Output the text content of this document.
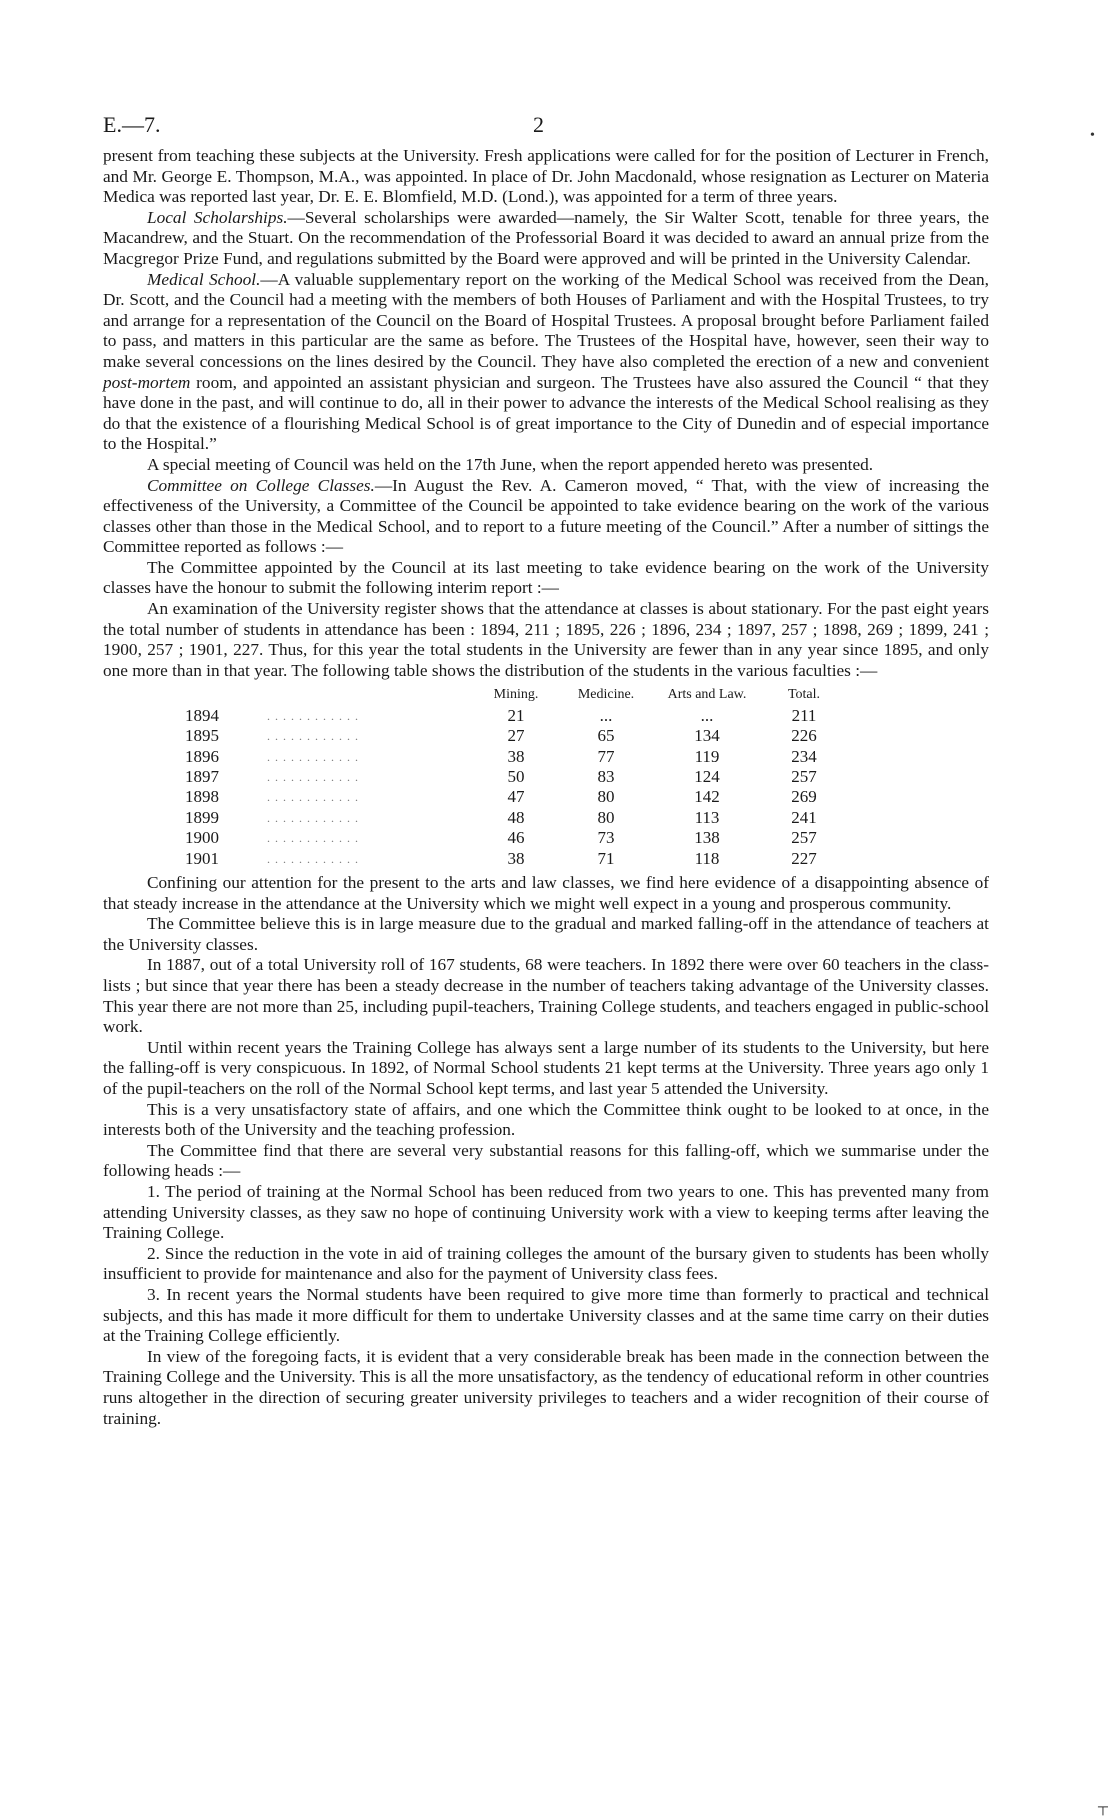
•
┬
E.—7.	2

present from teaching these subjects at the University. Fresh applications were called for for the position of Lecturer in French, and Mr. George E. Thompson, M.A., was appointed. In place of Dr. John Macdonald, whose resignation as Lecturer on Materia Medica was reported last year, Dr. E. E. Blomfield, M.D. (Lond.), was appointed for a term of three years.

Local Scholarships.—Several scholarships were awarded—namely, the Sir Walter Scott, tenable for three years, the Macandrew, and the Stuart. On the recommendation of the Professorial Board it was decided to award an annual prize from the Macgregor Prize Fund, and regulations submitted by the Board were approved and will be printed in the University Calendar.

Medical School.—A valuable supplementary report on the working of the Medical School was received from the Dean, Dr. Scott, and the Council had a meeting with the members of both Houses of Parliament and with the Hospital Trustees, to try and arrange for a representation of the Council on the Board of Hospital Trustees. A proposal brought before Parliament failed to pass, and matters in this particular are the same as before. The Trustees of the Hospital have, however, seen their way to make several concessions on the lines desired by the Council. They have also completed the erection of a new and convenient post-mortem room, and appointed an assistant physician and surgeon. The Trustees have also assured the Council “ that they have done in the past, and will continue to do, all in their power to advance the interests of the Medical School realising as they do that the existence of a flourishing Medical School is of great importance to the City of Dunedin and of especial importance to the Hospital.”

A special meeting of Council was held on the 17th June, when the report appended hereto was presented.

Committee on College Classes.—In August the Rev. A. Cameron moved, “ That, with the view of increasing the effectiveness of the University, a Committee of the Council be appointed to take evidence bearing on the work of the various classes other than those in the Medical School, and to report to a future meeting of the Council.” After a number of sittings the Committee reported as follows :—

The Committee appointed by the Council at its last meeting to take evidence bearing on the work of the University classes have the honour to submit the following interim report :—

An examination of the University register shows that the attendance at classes is about stationary. For the past eight years the total number of students in attendance has been : 1894, 211 ; 1895, 226 ; 1896, 234 ; 1897, 257 ; 1898, 269 ; 1899, 241 ; 1900, 257 ; 1901, 227. Thus, for this year the total students in the University are fewer than in any year since 1895, and only one more than in that year. The following table shows the distribution of the students in the various faculties :—

		Mining.	Medicine.	Arts and Law.	Total.
1894	. . . . . . . . . . . .	21	...	...	211
1895	. . . . . . . . . . . .	27	65	134	226
1896	. . . . . . . . . . . .	38	77	119	234
1897	. . . . . . . . . . . .	50	83	124	257
1898	. . . . . . . . . . . .	47	80	142	269
1899	. . . . . . . . . . . .	48	80	113	241
1900	. . . . . . . . . . . .	46	73	138	257
1901	. . . . . . . . . . . .	38	71	118	227

Confining our attention for the present to the arts and law classes, we find here evidence of a disappointing absence of that steady increase in the attendance at the University which we might well expect in a young and prosperous community.

The Committee believe this is in large measure due to the gradual and marked falling-off in the attendance of teachers at the University classes.

In 1887, out of a total University roll of 167 students, 68 were teachers. In 1892 there were over 60 teachers in the class-lists ; but since that year there has been a steady decrease in the number of teachers taking advantage of the University classes. This year there are not more than 25, including pupil-teachers, Training College students, and teachers engaged in public-school work.

Until within recent years the Training College has always sent a large number of its students to the University, but here the falling-off is very conspicuous. In 1892, of Normal School students 21 kept terms at the University. Three years ago only 1 of the pupil-teachers on the roll of the Normal School kept terms, and last year 5 attended the University.

This is a very unsatisfactory state of affairs, and one which the Committee think ought to be looked to at once, in the interests both of the University and the teaching profession.

The Committee find that there are several very substantial reasons for this falling-off, which we summarise under the following heads :—

1. The period of training at the Normal School has been reduced from two years to one. This has prevented many from attending University classes, as they saw no hope of continuing University work with a view to keeping terms after leaving the Training College.

2. Since the reduction in the vote in aid of training colleges the amount of the bursary given to students has been wholly insufficient to provide for maintenance and also for the payment of University class fees.

3. In recent years the Normal students have been required to give more time than formerly to practical and technical subjects, and this has made it more difficult for them to undertake University classes and at the same time carry on their duties at the Training College efficiently.

In view of the foregoing facts, it is evident that a very considerable break has been made in the connection between the Training College and the University. This is all the more unsatisfactory, as the tendency of educational reform in other countries runs altogether in the direction of securing greater university privileges to teachers and a wider recognition of their course of training.
